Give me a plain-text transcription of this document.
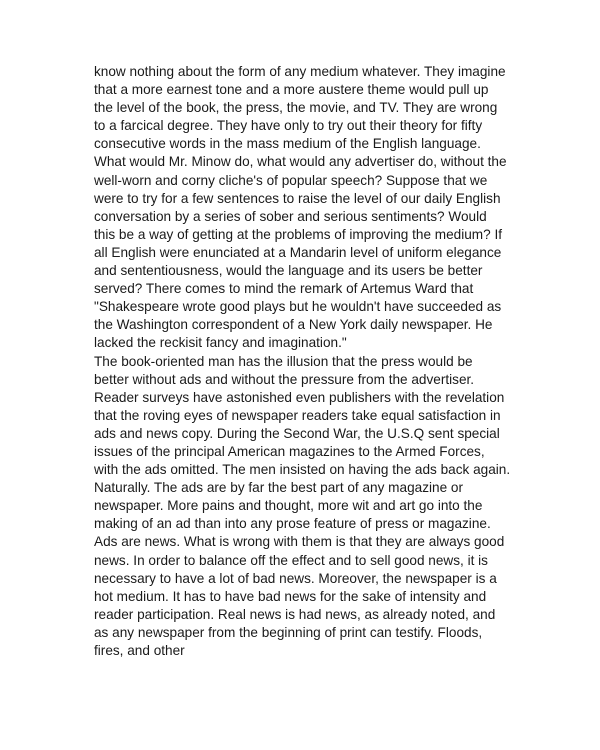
know nothing about the form of any medium whatever. They imagine
that a more earnest tone and a more austere theme would pull up
the level of the book, the press, the movie, and TV. They are wrong
to a farcical degree. They have only to try out their theory for fifty
consecutive words in the mass medium of the English language.
What would Mr. Minow do, what would any advertiser do, without the
well-worn and corny cliche's of popular speech? Suppose that we
were to try for a few sentences to raise the level of our daily English
conversation by a series of sober and serious sentiments? Would
this be a way of getting at the problems of improving the medium? If
all English were enunciated at a Mandarin level of uniform elegance
and sententiousness, would the language and its users be better
served? There comes to mind the remark of Artemus Ward that
"Shakespeare wrote good plays but he wouldn't have succeeded as
the Washington correspondent of a New York daily newspaper. He
lacked the reckisit fancy and imagination."
The book-oriented man has the illusion that the press would be
better without ads and without the pressure from the advertiser.
Reader surveys have astonished even publishers with the revelation
that the roving eyes of newspaper readers take equal satisfaction in
ads and news copy. During the Second War, the U.S.Q sent special
issues of the principal American magazines to the Armed Forces,
with the ads omitted. The men insisted on having the ads back again.
Naturally. The ads are by far the best part of any magazine or
newspaper. More pains and thought, more wit and art go into the
making of an ad than into any prose feature of press or magazine.
Ads are news. What is wrong with them is that they are always good
news. In order to balance off the effect and to sell good news, it is
necessary to have a lot of bad news. Moreover, the newspaper is a
hot medium. It has to have bad news for the sake of intensity and
reader participation. Real news is had news, as already noted, and
as any newspaper from the beginning of print can testify. Floods,
fires, and other
